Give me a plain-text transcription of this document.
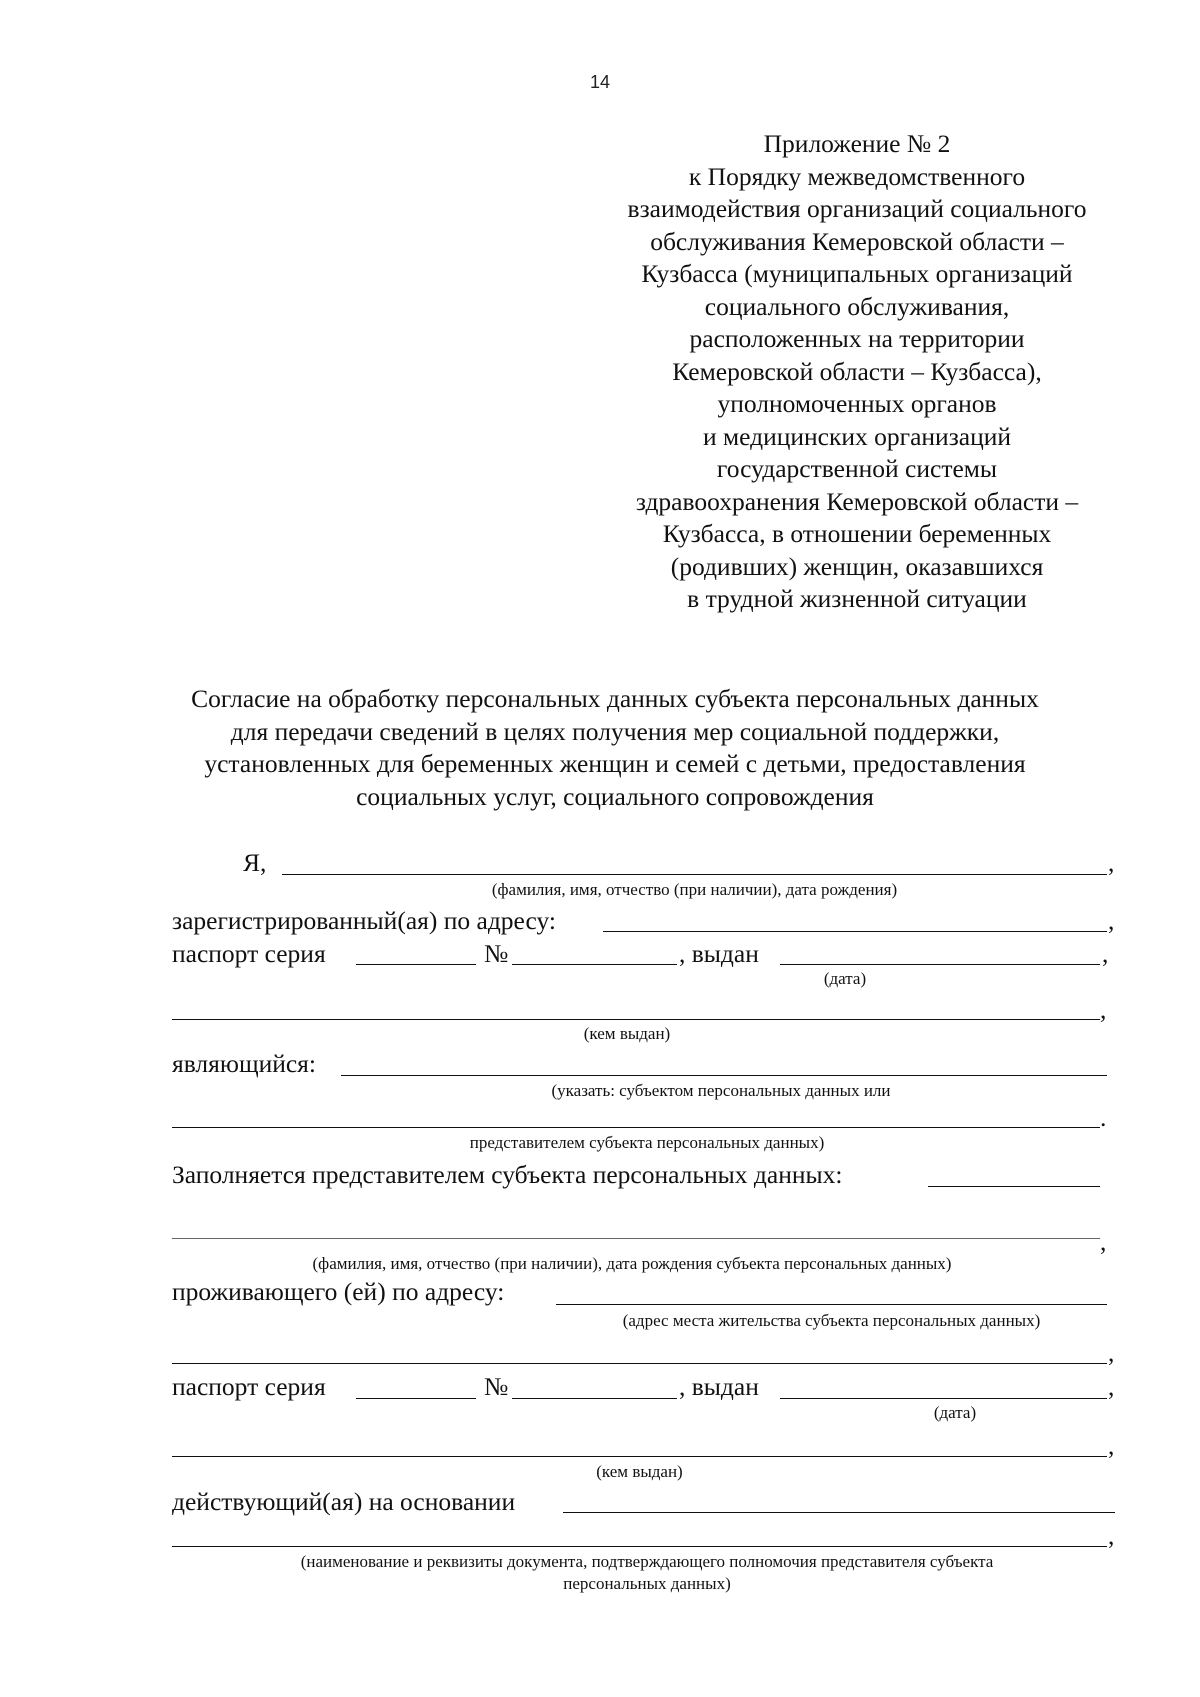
14
Приложение № 2
к Порядку межведомственного
взаимодействия организаций социального
обслуживания Кемеровской области –
Кузбасса (муниципальных организаций
социального обслуживания,
расположенных на территории
Кемеровской области – Кузбасса),
уполномоченных органов
и медицинских организаций
государственной системы
здравоохранения Кемеровской области –
Кузбасса, в отношении беременных
(родивших) женщин, оказавшихся
в трудной жизненной ситуации
Согласие на обработку персональных данных субъекта персональных данных
для передачи сведений в целях получения мер социальной поддержки,
установленных для беременных женщин и семей с детьми, предоставления
социальных услуг, социального сопровождения
Я,	,
(фамилия, имя, отчество (при наличии), дата рождения)
зарегистрированный(ая) по адресу:	,
паспорт серия	№	, выдан	,
(дата)
,
(кем выдан)
являющийся:
(указать: субъектом персональных данных или
.
представителем субъекта персональных данных)
Заполняется представителем субъекта персональных данных:
,
(фамилия, имя, отчество (при наличии), дата рождения субъекта персональных данных)
проживающего (ей) по адресу:
(адрес места жительства субъекта персональных данных)
,
паспорт серия	№	, выдан	,
(дата)
,
(кем выдан)
действующий(ая) на основании
,
(наименование и реквизиты документа, подтверждающего полномочия представителя субъекта
персональных данных)
